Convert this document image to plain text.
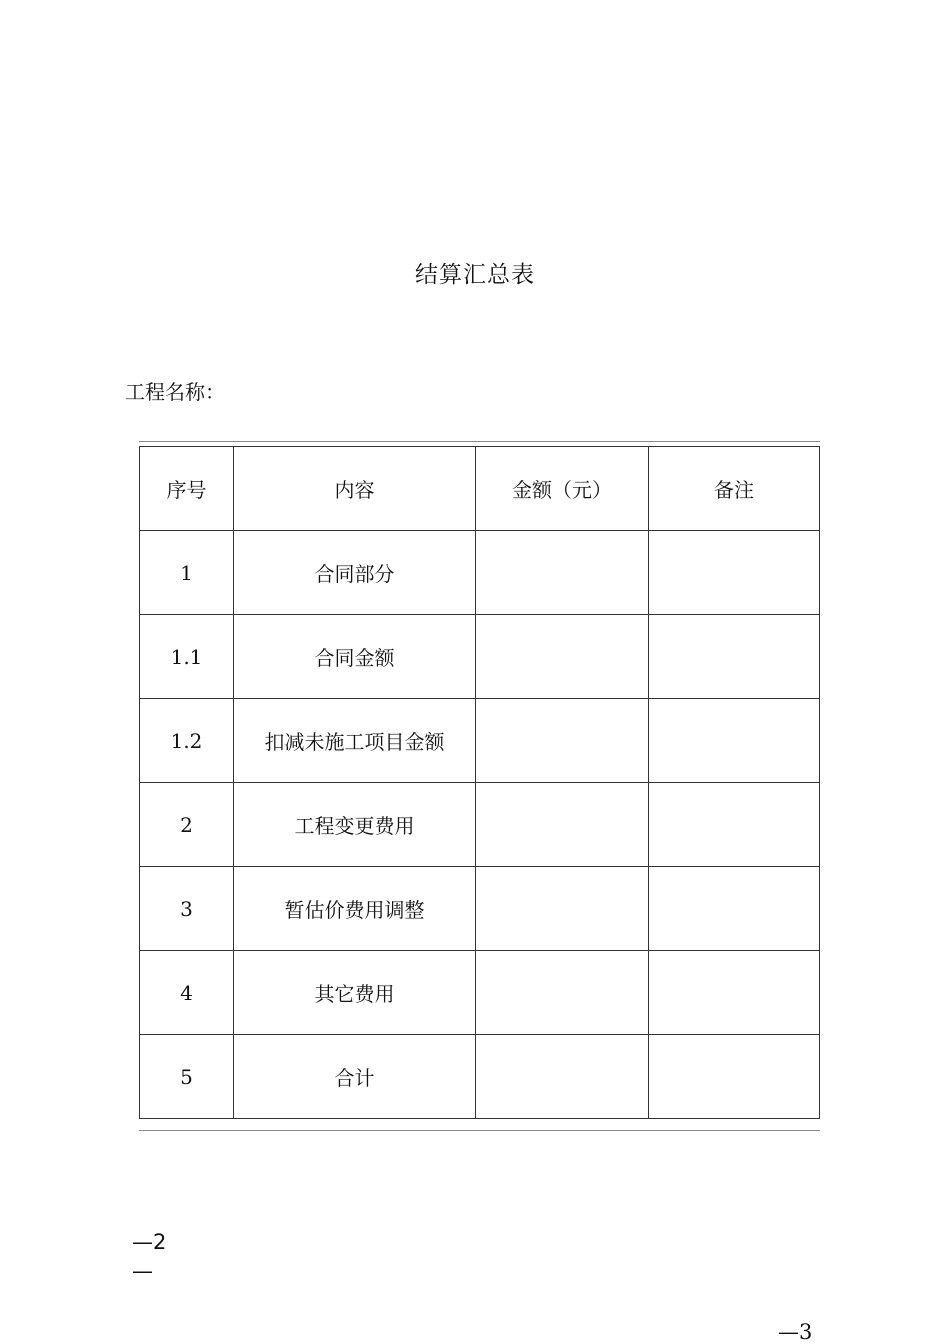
结算汇总表
工程名称：
序号	内容	金额（元）	备注
1	合同部分		
1.1	合同金额		
1.2	扣减未施工项目金额		
2	工程变更费用		
3	暂估价费用调整		
4	其它费用		
5	合计		
—2
—
—3
